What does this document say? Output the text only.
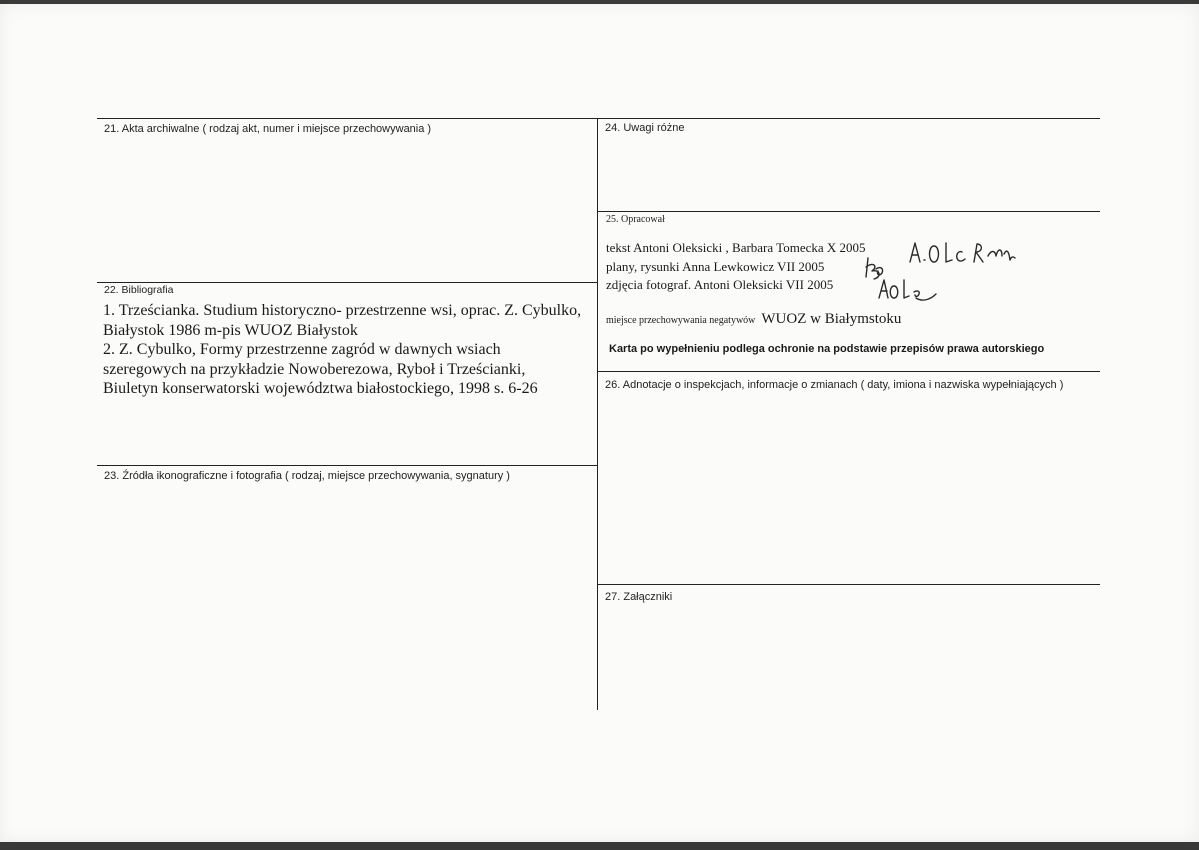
21. Akta archiwalne ( rodzaj akt, numer i miejsce przechowywania )
22. Bibliografia

1. Trześcianka. Studium historyczno- przestrzenne wsi, oprac. Z. Cybulko, Białystok 1986 m-pis WUOZ Białystok

2. Z. Cybulko, Formy przestrzenne zagród w dawnych wsiach szeregowych na przykładzie Nowoberezowa, Ryboł i Trześcianki, Biuletyn konserwatorski województwa białostockiego, 1998 s. 6-26

23. Źródła ikonograficzne i fotografia ( rodzaj, miejsce przechowywania, sygnatury )
24. Uwagi różne
25. Opracował
tekst Antoni Oleksicki , Barbara Tomecka X 2005
plany, rysunki Anna Lewkowicz VII 2005
zdjęcia fotograf. Antoni Oleksicki VII 2005
miejsce przechowywania negatywów WUOZ w Białymstoku
Karta po wypełnieniu podlega ochronie na podstawie przepisów prawa autorskiego
26. Adnotacje o inspekcjach, informacje o zmianach ( daty, imiona i nazwiska wypełniających )
27. Załączniki
